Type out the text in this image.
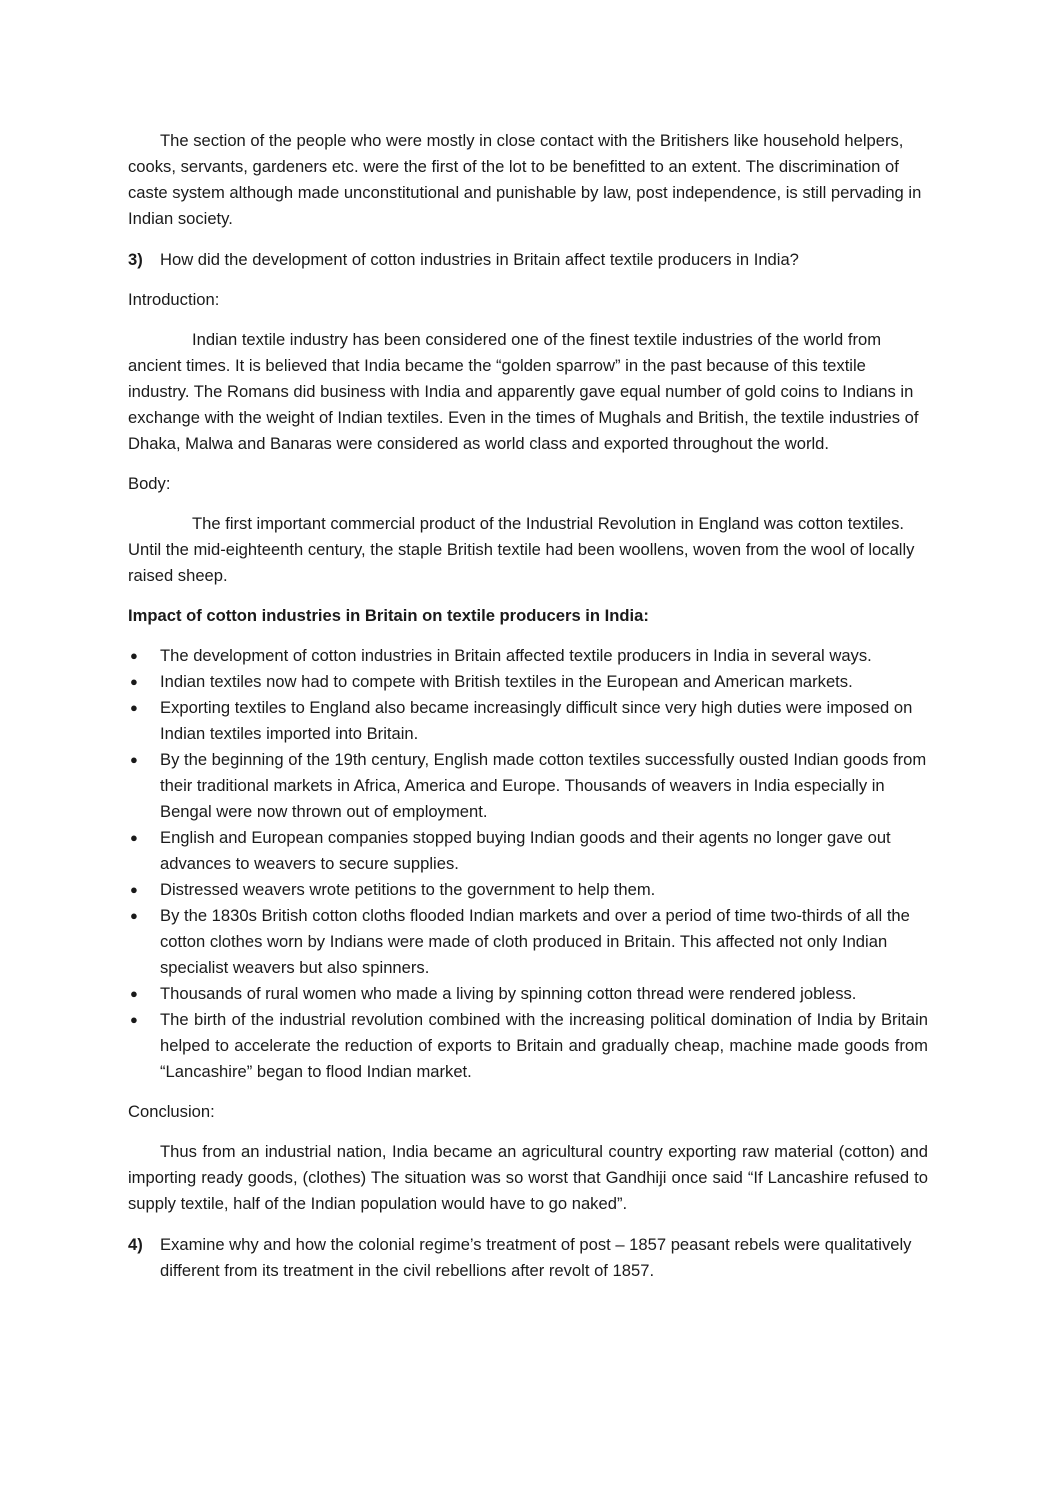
The section of the people who were mostly in close contact with the Britishers like household helpers, cooks, servants, gardeners etc. were the first of the lot to be benefitted to an extent. The discrimination of caste system although made unconstitutional and punishable by law, post independence, is still pervading in Indian society.

3)	How did the development of cotton industries in Britain affect textile producers in India?

Introduction:

Indian textile industry has been considered one of the finest textile industries of the world from ancient times. It is believed that India became the “golden sparrow” in the past because of this textile industry. The Romans did business with India and apparently gave equal number of gold coins to Indians in exchange with the weight of Indian textiles. Even in the times of Mughals and British, the textile industries of Dhaka, Malwa and Banaras were considered as world class and exported throughout the world.

Body:

The first important commercial product of the Industrial Revolution in England was cotton textiles. Until the mid-eighteenth century, the staple British textile had been woollens, woven from the wool of locally raised sheep.

Impact of cotton industries in Britain on textile producers in India:

●	The development of cotton industries in Britain affected textile producers in India in several ways.
●	Indian textiles now had to compete with British textiles in the European and American markets.
●	Exporting textiles to England also became increasingly difficult since very high duties were imposed on Indian textiles imported into Britain.
●	By the beginning of the 19th century, English made cotton textiles successfully ousted Indian goods from their traditional markets in Africa, America and Europe. Thousands of weavers in India especially in Bengal were now thrown out of employment.
●	English and European companies stopped buying Indian goods and their agents no longer gave out advances to weavers to secure supplies.
●	Distressed weavers wrote petitions to the government to help them.
●	By the 1830s British cotton cloths flooded Indian markets and over a period of time two-thirds of all the cotton clothes worn by Indians were made of cloth produced in Britain. This affected not only Indian specialist weavers but also spinners.
●	Thousands of rural women who made a living by spinning cotton thread were rendered jobless.
●	The birth of the industrial revolution combined with the increasing political domination of India by Britain helped to accelerate the reduction of exports to Britain and gradually cheap, machine made goods from “Lancashire” began to flood Indian market.

Conclusion:

Thus from an industrial nation, India became an agricultural country exporting raw material (cotton) and importing ready goods, (clothes) The situation was so worst that Gandhiji once said “If Lancashire refused to supply textile, half of the Indian population would have to go naked”.

4)	Examine why and how the colonial regime’s treatment of post – 1857 peasant rebels were qualitatively different from its treatment in the civil rebellions after revolt of 1857.
